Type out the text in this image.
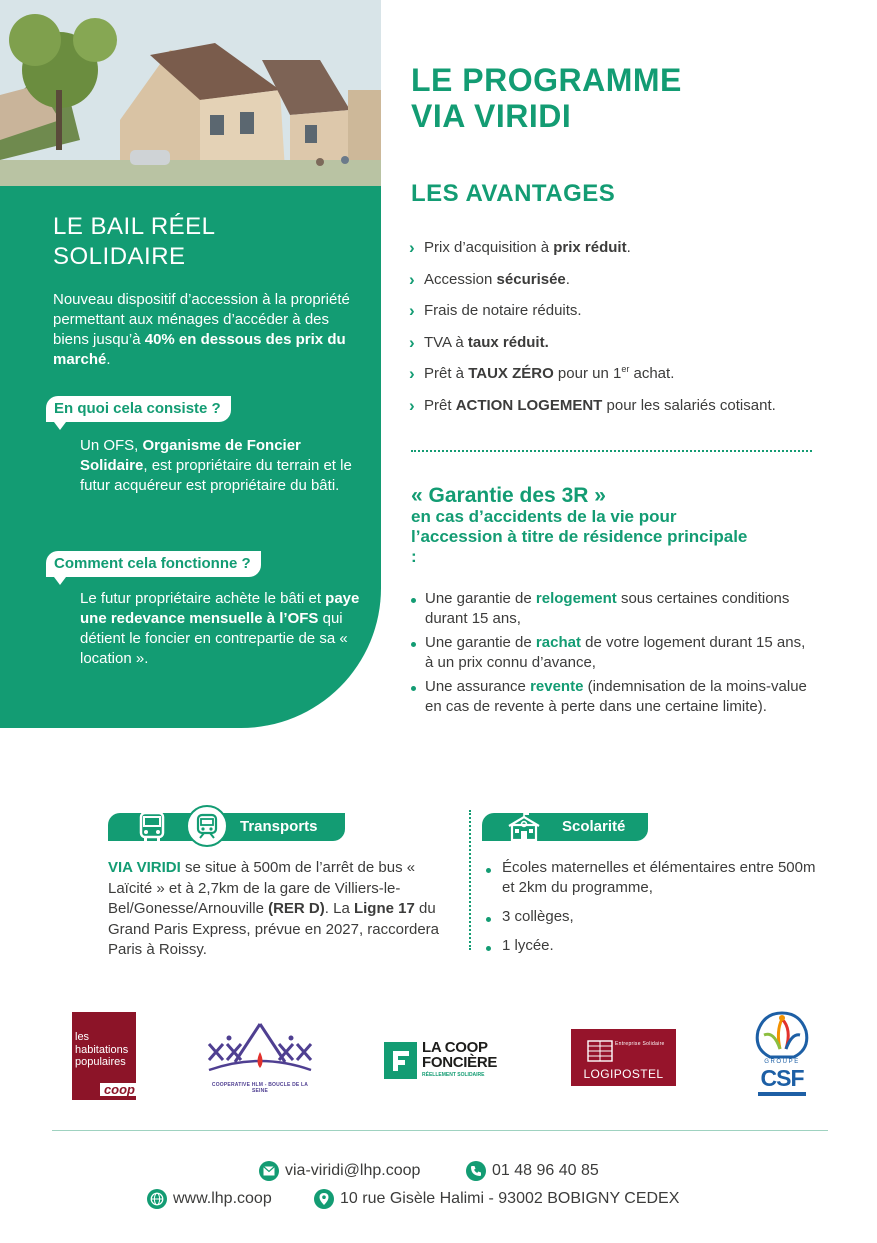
LE BAIL RÉEL SOLIDAIRE

Nouveau dispositif d’accession à la propriété permettant aux ménages d’accéder à des biens jusqu’à 40% en dessous des prix du marché.

En quoi cela consiste ?

Un OFS, Organisme de Foncier Solidaire, est propriétaire du terrain et le futur acquéreur est propriétaire du bâti.

Comment cela fonctionne ?

Le futur propriétaire achète le bâti et paye une redevance mensuelle à l’OFS qui détient le foncier en contrepartie de sa « location ».

LE PROGRAMME
VIA VIRIDI
LES AVANTAGES
› Prix d’acquisition à prix réduit.
› Accession sécurisée.
› Frais de notaire réduits.
› TVA à taux réduit.
› Prêt à TAUX ZÉRO pour un 1er achat.
› Prêt ACTION LOGEMENT pour les salariés cotisant.
« Garantie des 3R »
en cas d’accidents de la vie pour l’accession à titre de résidence principale :
Une garantie de relogement sous certaines conditions durant 15 ans,
Une garantie de rachat de votre logement durant 15 ans, à un prix connu d’avance,
Une assurance revente (indemnisation de la moins-value en cas de revente à perte dans une certaine limite).
Transports

VIA VIRIDI se situe à 500m de l’arrêt de bus « Laïcité » et à 2,7km de la gare de Villiers-le-Bel/Gonesse/Arnouville (RER D). La Ligne 17 du Grand Paris Express, prévue en 2027, raccordera Paris à Roissy.

Scolarité
Écoles maternelles et élémentaires entre 500m et 2km du programme,
3 collèges,
1 lycée.
les
habitations
populaires
coop	COOPERATIVE HLM - BOUCLE DE LA SEINE
LA COOP FONCIÈRE
RÉELLEMENT SOLIDAIRE
Entreprise Solidaire
LOGIPOSTEL
GROUPE
CSF
via-viridi@lhp.coop	01 48 96 40 85
www.lhp.coop	10 rue Gisèle Halimi - 93002 BOBIGNY CEDEX
